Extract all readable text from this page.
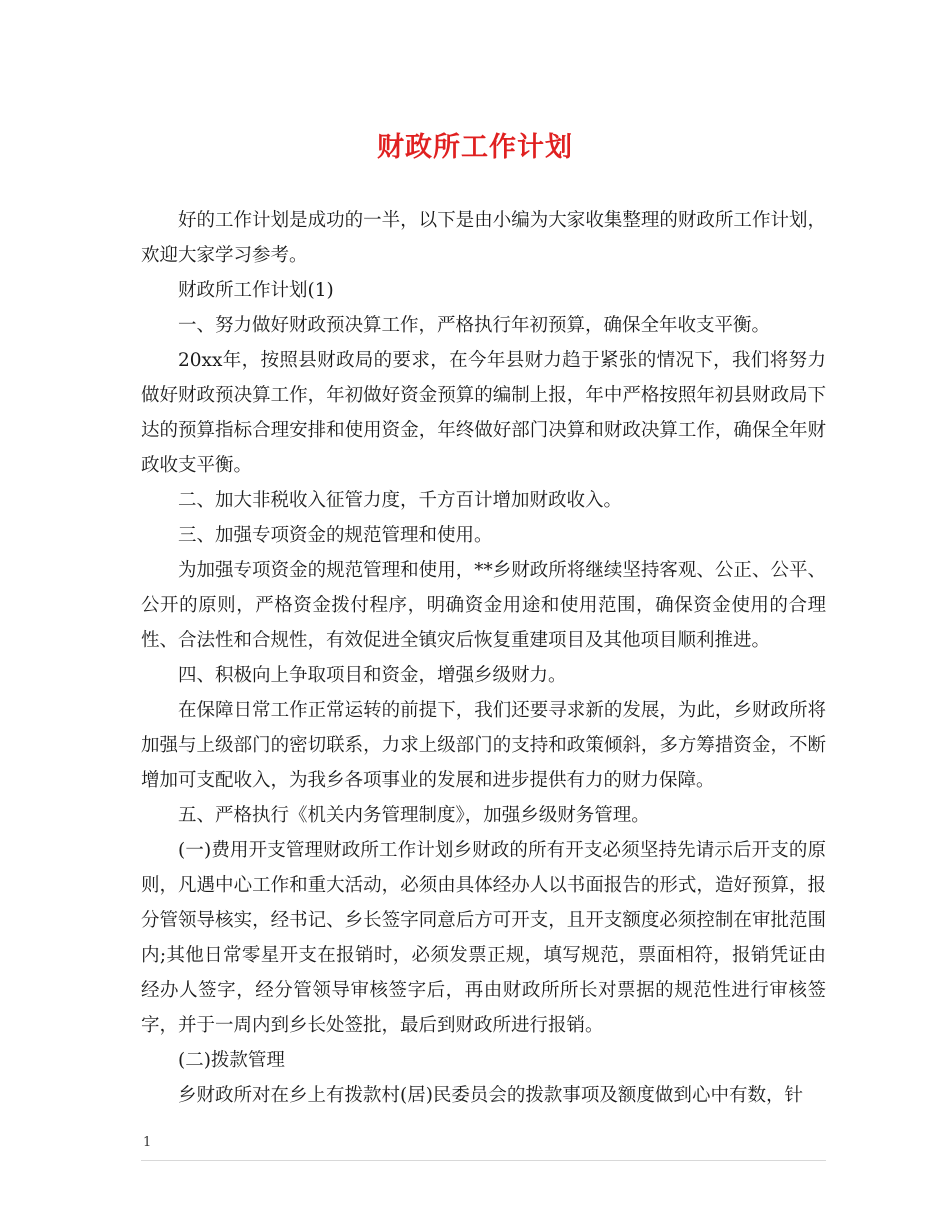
财政所工作计划

好的工作计划是成功的一半，以下是由小编为大家收集整理的财政所工作计划，欢迎大家学习参考。

财政所工作计划(1)

一、努力做好财政预决算工作，严格执行年初预算，确保全年收支平衡。

20xx年，按照县财政局的要求，在今年县财力趋于紧张的情况下，我们将努力做好财政预决算工作，年初做好资金预算的编制上报，年中严格按照年初县财政局下达的预算指标合理安排和使用资金，年终做好部门决算和财政决算工作，确保全年财政收支平衡。

二、加大非税收入征管力度，千方百计增加财政收入。

三、加强专项资金的规范管理和使用。

为加强专项资金的规范管理和使用，**乡财政所将继续坚持客观、公正、公平、公开的原则，严格资金拨付程序，明确资金用途和使用范围，确保资金使用的合理性、合法性和合规性，有效促进全镇灾后恢复重建项目及其他项目顺利推进。

四、积极向上争取项目和资金，增强乡级财力。

在保障日常工作正常运转的前提下，我们还要寻求新的发展，为此，乡财政所将加强与上级部门的密切联系，力求上级部门的支持和政策倾斜，多方筹措资金，不断增加可支配收入，为我乡各项事业的发展和进步提供有力的财力保障。

五、严格执行《机关内务管理制度》，加强乡级财务管理。

(一)费用开支管理财政所工作计划乡财政的所有开支必须坚持先请示后开支的原则，凡遇中心工作和重大活动，必须由具体经办人以书面报告的形式，造好预算，报分管领导核实，经书记、乡长签字同意后方可开支，且开支额度必须控制在审批范围内;其他日常零星开支在报销时，必须发票正规，填写规范，票面相符，报销凭证由经办人签字，经分管领导审核签字后，再由财政所所长对票据的规范性进行审核签字，并于一周内到乡长处签批，最后到财政所进行报销。

(二)拨款管理

乡财政所对在乡上有拨款村(居)民委员会的拨款事项及额度做到心中有数，针

1
